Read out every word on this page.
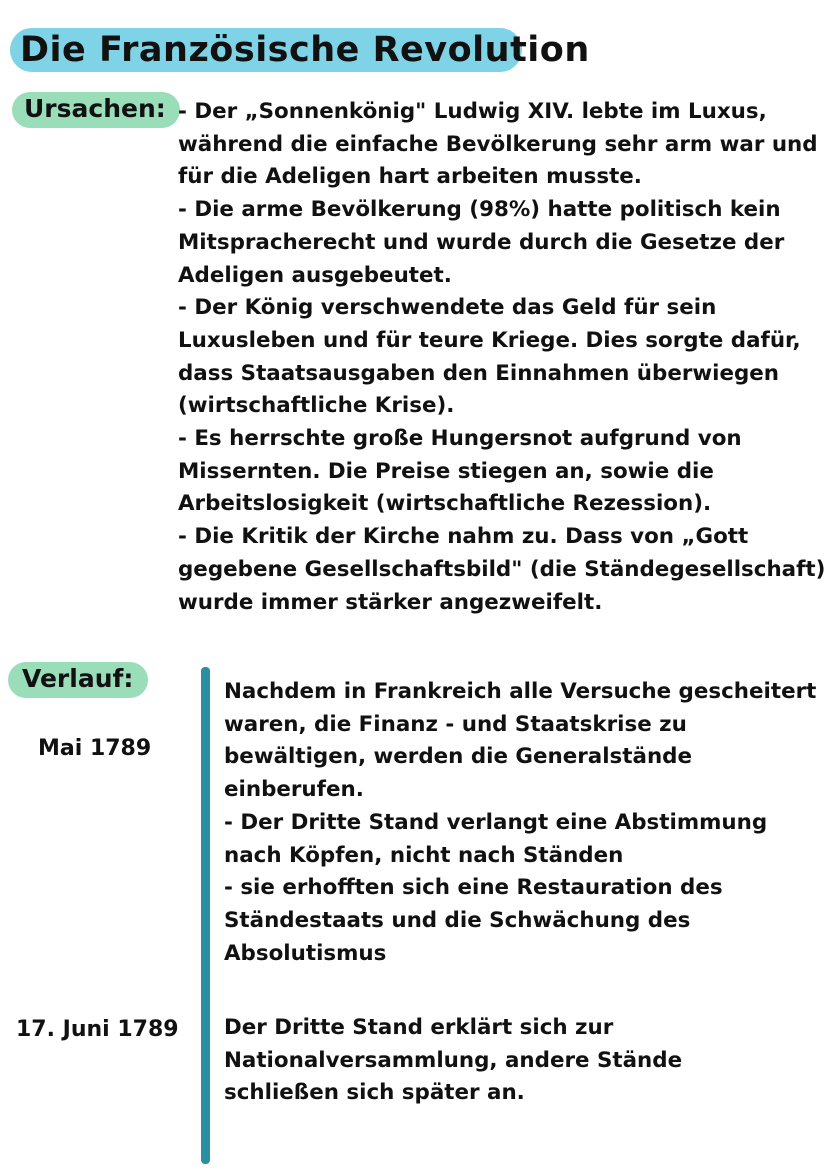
Die Französische Revolution
Ursachen: - Der „Sonnenkönig" Ludwig XIV. lebte im Luxus,
während die einfache Bevölkerung sehr arm war und
für die Adeligen hart arbeiten musste.
- Die arme Bevölkerung (98%) hatte politisch kein
Mitspracherecht und wurde durch die Gesetze der
Adeligen ausgebeutet.
- Der König verschwendete das Geld für sein
Luxusleben und für teure Kriege. Dies sorgte dafür,
dass Staatsausgaben den Einnahmen überwiegen
(wirtschaftliche Krise).
- Es herrschte große Hungersnot aufgrund von
Missernten. Die Preise stiegen an, sowie die
Arbeitslosigkeit (wirtschaftliche Rezession).
- Die Kritik der Kirche nahm zu. Dass von „Gott
gegebene Gesellschaftsbild" (die Ständegesellschaft)
wurde immer stärker angezweifelt.
Verlauf:
Mai 1789
Nachdem in Frankreich alle Versuche gescheitert
waren, die Finanz - und Staatskrise zu
bewältigen, werden die Generalstände
einberufen.
- Der Dritte Stand verlangt eine Abstimmung
nach Köpfen, nicht nach Ständen
- sie erhofften sich eine Restauration des
Ständestaats und die Schwächung des
Absolutismus
17. Juni 1789 Der Dritte Stand erklärt sich zur
Nationalversammlung, andere Stände
schließen sich später an.
